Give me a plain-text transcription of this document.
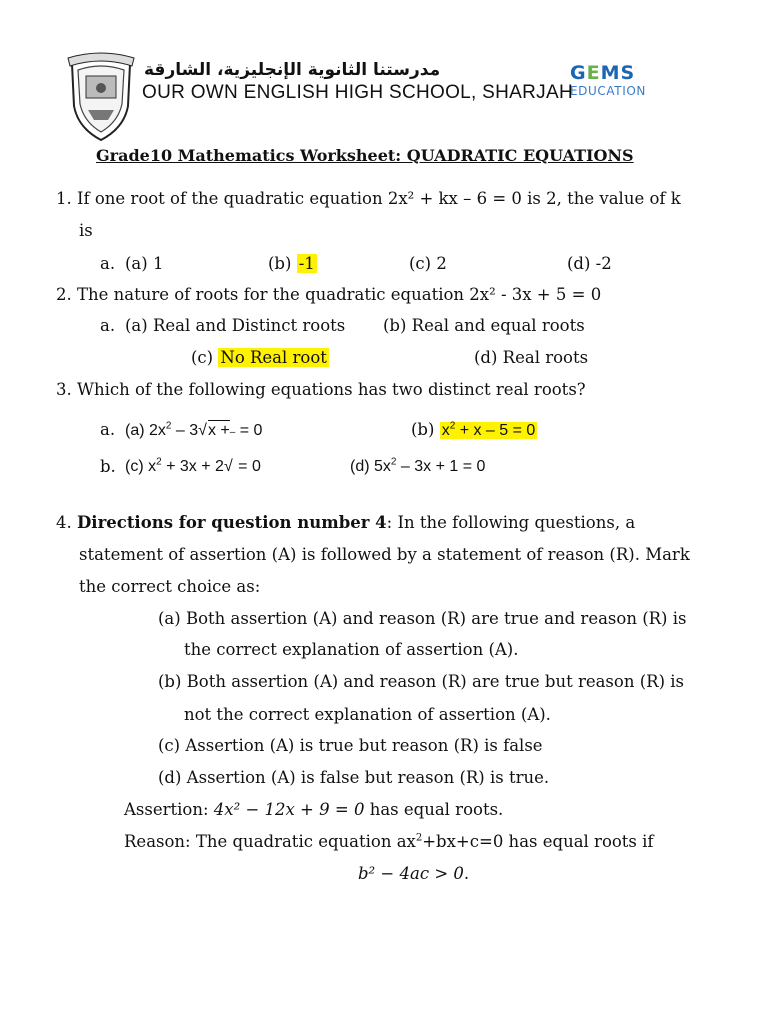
مدرستنا الثانوية الإنجليزية، الشارقة
OUR OWN ENGLISH HIGH SCHOOL, SHARJAH
GEMS
EDUCATION
Grade10 Mathematics Worksheet: QUADRATIC EQUATIONS
1. If one root of the quadratic equation 2x² + kx – 6 = 0 is 2, the value of k
is
a. (a) 1	(b) -1	(c) 2	(d) -2
2. The nature of roots for the quadratic equation 2x² - 3x + 5 = 0
a. (a) Real and Distinct roots (b) Real and equal roots
(c) No Real root	(d) Real roots
3. Which of the following equations has two distinct real roots?
a. (a) $2x^2 - 3√x$ +– = 0	(b) $x^2 + x - 5 = 0$
b. (c) $x^2 + 3x + 2√ = 0$	(d) $5x^2 - 3x + 1 = 0$
4. Directions for question number 4: In the following questions, a
statement of assertion (A) is followed by a statement of reason (R). Mark
the correct choice as:
(a) Both assertion (A) and reason (R) are true and reason (R) is
the correct explanation of assertion (A).
(b) Both assertion (A) and reason (R) are true but reason (R) is
not the correct explanation of assertion (A).
(c) Assertion (A) is true but reason (R) is false
(d) Assertion (A) is false but reason (R) is true.
Assertion: 4x² − 12x + 9 = 0 has equal roots.
Reason: The quadratic equation $ax^2+bx+c=0$ has equal roots if
b² − 4ac > 0.
